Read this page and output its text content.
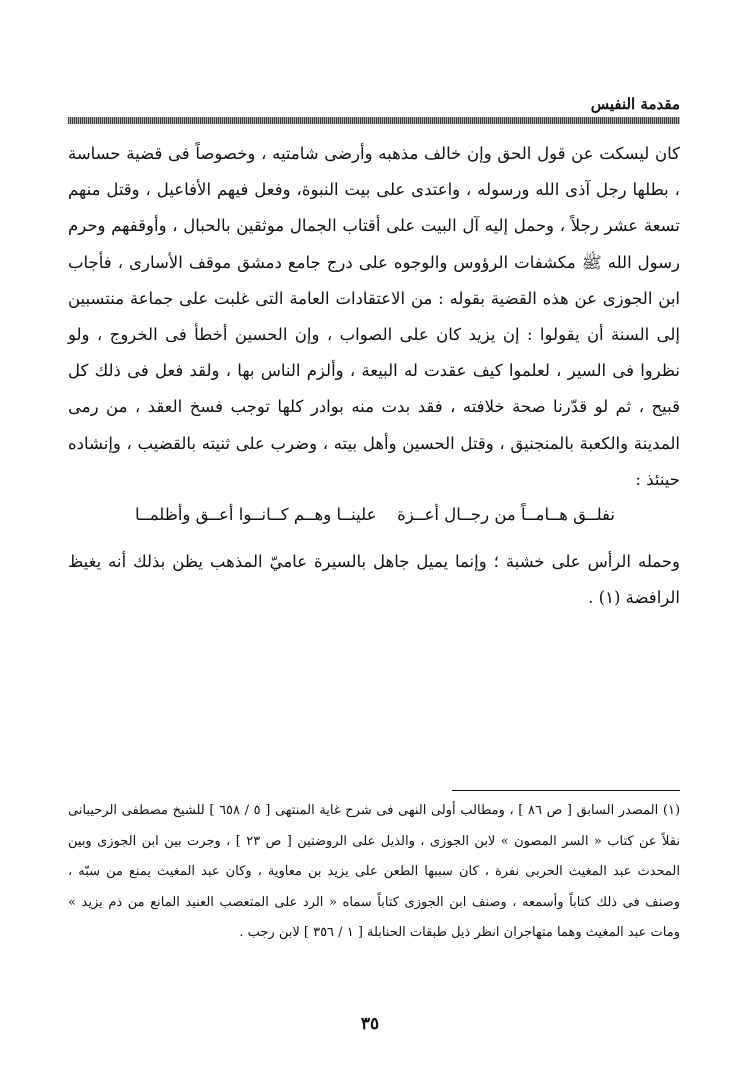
مقدمة النفيس

كان ليسكت عن قول الحق وإن خالف مذهبه وأرضى شامتيه ، وخصوصاً فى قضية حساسة ، بطلها رجل آذى الله ورسوله ، واعتدى على بيت النبوة، وفعل فيهم الأفاعيل ، وقتل منهم تسعة عشر رجلاً ، وحمل إليه آل البيت على أقتاب الجمال موثقين بالحبال ، وأوقفهم وحرم رسول الله ﷺ مكشفات الرؤوس والوجوه على درج جامع دمشق موقف الأسارى ، فأجاب ابن الجوزى عن هذه القضية بقوله : من الاعتقادات العامة التى غلبت على جماعة منتسبين إلى السنة أن يقولوا : إن يزيد كان على الصواب ، وإن الحسين أخطأ فى الخروج ، ولو نظروا فى السير ، لعلموا كيف عقدت له البيعة ، وألزم الناس بها ، ولقد فعل فى ذلك كل قبيح ، ثم لو قدّرنا صحة خلافته ، فقد بدت منه بوادر كلها توجب فسخ العقد ، من رمى المدينة والكعبة بالمنجنيق ، وقتل الحسين وأهل بيته ، وضرب على ثنيته بالقضيب ، وإنشاده حينئذ :

نفلــق هــامــاً من رجــال أعــزة
علينــا وهــم كــانــوا أعــق وأظلمــا

وحمله الرأس على خشبة ؛ وإنما يميل جاهل بالسيرة عاميّ المذهب يظن بذلك أنه يغيظ الرافضة (١) .

(١) المصدر السابق [ ص ٨٦ ] ، ومطالب أولى النهى فى شرح غاية المنتهى [ ٥ / ٦٥٨ ] للشيخ مصطفى الرحيبانى نقلاً عن كتاب « السر المصون » لابن الجوزى ، والذيل على الروضتين [ ص ٢٣ ] ، وجرت بين ابن الجوزى وبين المحدث عبد المغيث الحربى نفرة ، كان سببها الطعن على يزيد بن معاوية ، وكان عبد المغيث يمنع من سبّه ، وصنف فى ذلك كتاباً وأسمعه ، وصنف ابن الجوزى كتاباً سماه « الرد على المتعصب العنيد المانع من ذم يزيد » ومات عبد المغيث وهما متهاجران انظر ذيل طبقات الحنابلة [ ١ / ٣٥٦ ] لابن رجب .

٣٥
